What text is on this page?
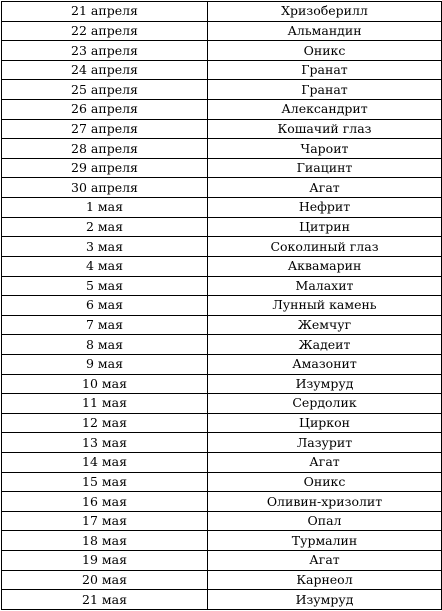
21 апреля	Хризоберилл
22 апреля	Альмандин
23 апреля	Оникс
24 апреля	Гранат
25 апреля	Гранат
26 апреля	Александрит
27 апреля	Кошачий глаз
28 апреля	Чароит
29 апреля	Гиацинт
30 апреля	Агат
1 мая	Нефрит
2 мая	Цитрин
3 мая	Соколиный глаз
4 мая	Аквамарин
5 мая	Малахит
6 мая	Лунный камень
7 мая	Жемчуг
8 мая	Жадеит
9 мая	Амазонит
10 мая	Изумруд
11 мая	Сердолик
12 мая	Циркон
13 мая	Лазурит
14 мая	Агат
15 мая	Оникс
16 мая	Оливин-хризолит
17 мая	Опал
18 мая	Турмалин
19 мая	Агат
20 мая	Карнеол
21 мая	Изумруд
